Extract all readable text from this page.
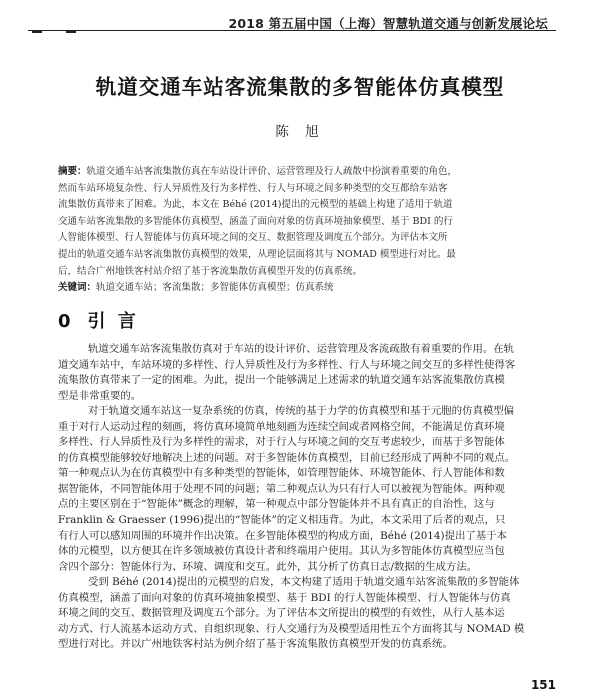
2018 第五届中国（上海）智慧轨道交通与创新发展论坛
轨道交通车站客流集散的多智能体仿真模型
陈 旭
摘要：轨道交通车站客流集散仿真在车站设计评价、运营管理及行人疏散中扮演着重要的角色，
然而车站环境复杂性、行人异质性及行为多样性、行人与环境之间多种类型的交互都给车站客
流集散仿真带来了困难。为此，本文在 Béhé (2014)提出的元模型的基础上构建了适用于轨道
交通车站客流集散的多智能体仿真模型，涵盖了面向对象的仿真环境抽象模型、基于 BDI 的行
人智能体模型、行人智能体与仿真环境之间的交互、数据管理及调度五个部分。为评估本文所
提出的轨道交通车站客流集散仿真模型的效果，从理论层面将其与 NOMAD 模型进行对比。最
后，结合广州地铁客村站介绍了基于客流集散仿真模型开发的仿真系统。
关键词：轨道交通车站；客流集散；多智能体仿真模型；仿真系统
0 引 言
轨道交通车站客流集散仿真对于车站的设计评价、运营管理及客流疏散有着重要的作用。在轨
道交通车站中，车站环境的多样性、行人异质性及行为多样性、行人与环境之间交互的多样性使得客
流集散仿真带来了一定的困难。为此，提出一个能够满足上述需求的轨道交通车站客流集散仿真模
型是非常重要的。
对于轨道交通车站这一复杂系统的仿真，传统的基于力学的仿真模型和基于元胞的仿真模型偏
重于对行人运动过程的刻画，将仿真环境简单地刻画为连续空间或者网格空间，不能满足仿真环境
多样性、行人异质性及行为多样性的需求，对于行人与环境之间的交互考虑较少，而基于多智能体
的仿真模型能够较好地解决上述的问题。对于多智能体仿真模型，目前已经形成了两种不同的观点。
第一种观点认为在仿真模型中有多种类型的智能体，如管理智能体、环境智能体、行人智能体和数
据智能体，不同智能体用于处理不同的问题；第二种观点认为只有行人可以被视为智能体。两种观
点的主要区别在于“智能体”概念的理解，第一种观点中部分智能体并不具有真正的自治性，这与
Franklin & Graesser (1996)提出的“智能体”的定义相违背。为此，本文采用了后者的观点，只
有行人可以感知周围的环境并作出决策。在多智能体模型的构成方面，Béhé (2014)提出了基于本
体的元模型，以方便其在许多领域被仿真设计者和终端用户使用。其认为多智能体仿真模型应当包
含四个部分：智能体行为、环境、调度和交互。此外，其分析了仿真日志/数据的生成方法。
受到 Béhé (2014)提出的元模型的启发，本文构建了适用于轨道交通车站客流集散的多智能体
仿真模型，涵盖了面向对象的仿真环境抽象模型、基于 BDI 的行人智能体模型、行人智能体与仿真
环境之间的交互、数据管理及调度五个部分。为了评估本文所提出的模型的有效性，从行人基本运
动方式、行人流基本运动方式、自组织现象、行人交通行为及模型适用性五个方面将其与 NOMAD 模
型进行对比。并以广州地铁客村站为例介绍了基于客流集散仿真模型开发的仿真系统。
151
